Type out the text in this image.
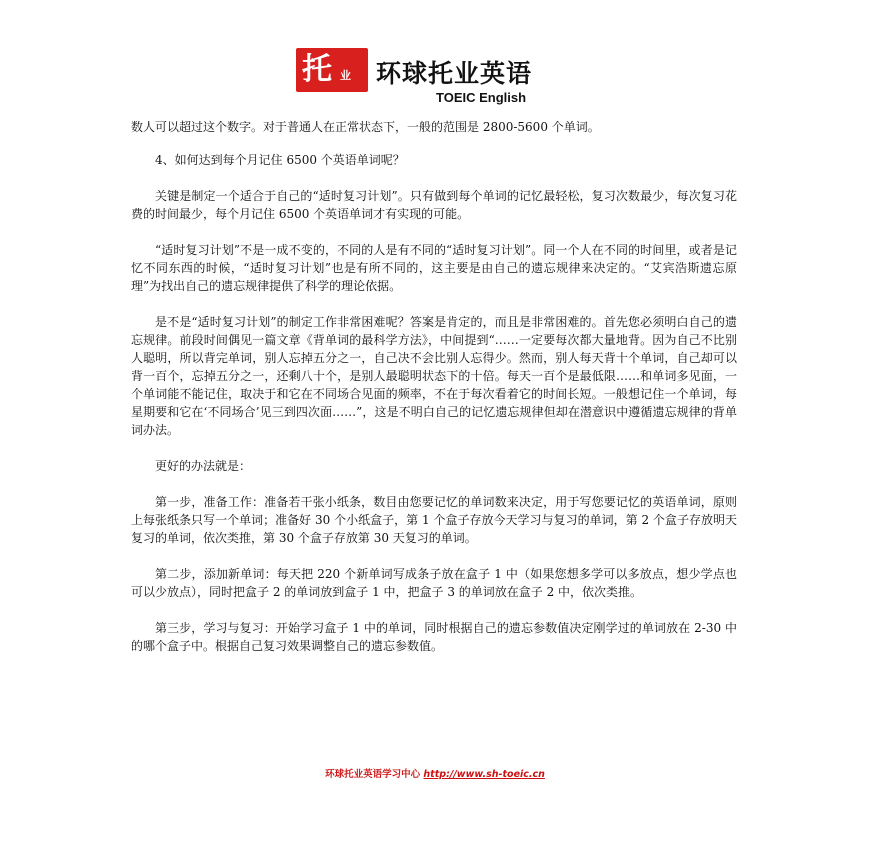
托 业 环球托业英语
TOEIC English

数人可以超过这个数字。对于普通人在正常状态下，一般的范围是 2800-5600 个单词。

4、如何达到每个月记住 6500 个英语单词呢？

关键是制定一个适合于自己的“适时复习计划”。只有做到每个单词的记忆最轻松，复习次数最少，每次复习花费的时间最少，每个月记住 6500 个英语单词才有实现的可能。

“适时复习计划”不是一成不变的，不同的人是有不同的“适时复习计划”。同一个人在不同的时间里，或者是记忆不同东西的时候，“适时复习计划”也是有所不同的，这主要是由自己的遗忘规律来决定的。“艾宾浩斯遗忘原理”为找出自己的遗忘规律提供了科学的理论依据。

是不是“适时复习计划”的制定工作非常困难呢？答案是肯定的，而且是非常困难的。首先您必须明白自己的遗忘规律。前段时间偶见一篇文章《背单词的最科学方法》，中间提到“……一定要每次都大量地背。因为自己不比别人聪明，所以背完单词，别人忘掉五分之一，自己决不会比别人忘得少。然而，别人每天背十个单词，自己却可以背一百个，忘掉五分之一，还剩八十个，是别人最聪明状态下的十倍。每天一百个是最低限……和单词多见面，一个单词能不能记住，取决于和它在不同场合见面的频率，不在于每次看着它的时间长短。一般想记住一个单词，每星期要和它在‘不同场合’见三到四次面……”，这是不明白自己的记忆遗忘规律但却在潜意识中遵循遗忘规律的背单词办法。

更好的办法就是：

第一步，准备工作：准备若干张小纸条，数目由您要记忆的单词数来决定，用于写您要记忆的英语单词，原则上每张纸条只写一个单词；准备好 30 个小纸盒子，第 1 个盒子存放今天学习与复习的单词，第 2 个盒子存放明天复习的单词，依次类推，第 30 个盒子存放第 30 天复习的单词。

第二步，添加新单词：每天把 220 个新单词写成条子放在盒子 1 中（如果您想多学可以多放点，想少学点也可以少放点），同时把盒子 2 的单词放到盒子 1 中，把盒子 3 的单词放在盒子 2 中，依次类推。

第三步，学习与复习：开始学习盒子 1 中的单词，同时根据自己的遗忘参数值决定刚学过的单词放在 2-30 中的哪个盒子中。根据自己复习效果调整自己的遗忘参数值。

环球托业英语学习中心 http://www.sh-toeic.cn
